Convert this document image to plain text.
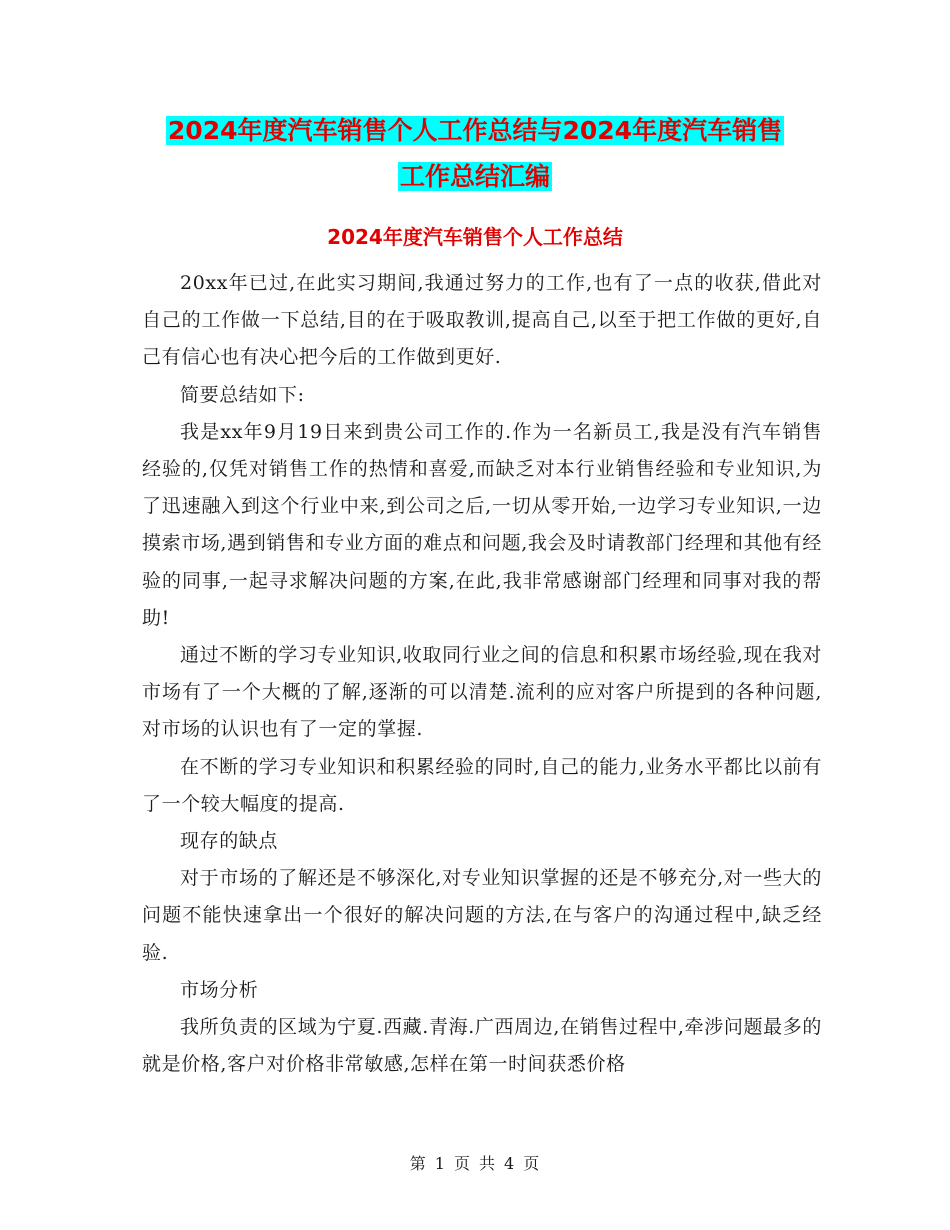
2024年度汽车销售个人工作总结与2024年度汽车销售
工作总结汇编
2024年度汽车销售个人工作总结

20xx年已过,在此实习期间,我通过努力的工作,也有了一点的收获,借此对自己的工作做一下总结,目的在于吸取教训,提高自己,以至于把工作做的更好,自己有信心也有决心把今后的工作做到更好.

简要总结如下:

我是xx年9月19日来到贵公司工作的.作为一名新员工,我是没有汽车销售经验的,仅凭对销售工作的热情和喜爱,而缺乏对本行业销售经验和专业知识,为了迅速融入到这个行业中来,到公司之后,一切从零开始,一边学习专业知识,一边摸索市场,遇到销售和专业方面的难点和问题,我会及时请教部门经理和其他有经验的同事,一起寻求解决问题的方案,在此,我非常感谢部门经理和同事对我的帮助!

通过不断的学习专业知识,收取同行业之间的信息和积累市场经验,现在我对市场有了一个大概的了解,逐渐的可以清楚.流利的应对客户所提到的各种问题,对市场的认识也有了一定的掌握.

在不断的学习专业知识和积累经验的同时,自己的能力,业务水平都比以前有了一个较大幅度的提高.

现存的缺点

对于市场的了解还是不够深化,对专业知识掌握的还是不够充分,对一些大的问题不能快速拿出一个很好的解决问题的方法,在与客户的沟通过程中,缺乏经验.

市场分析

我所负责的区域为宁夏.西藏.青海.广西周边,在销售过程中,牵涉问题最多的就是价格,客户对价格非常敏感,怎样在第一时间获悉价格

第 1 页 共 4 页
